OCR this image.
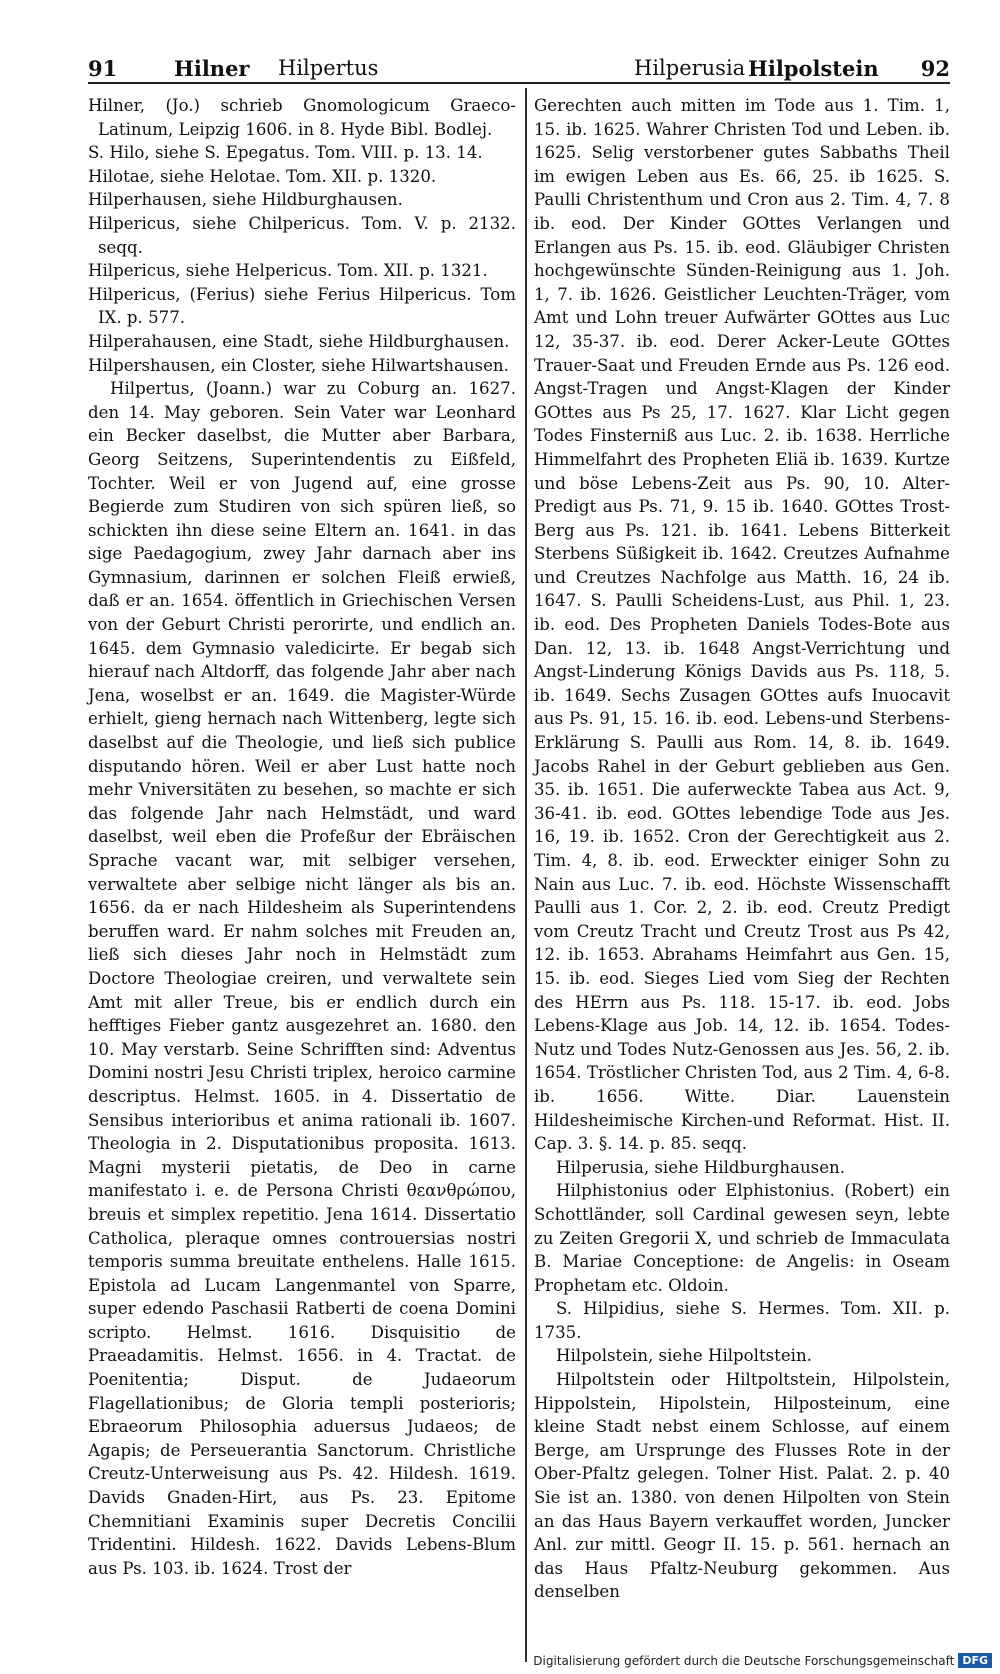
91	Hilner Hilpertus	Hilperusia Hilpolstein 92

Hilner, (Jo.) schrieb Gnomologicum Graeco-Latinum, Leipzig 1606. in 8. Hyde Bibl. Bodlej.

S. Hilo, siehe S. Epegatus. Tom. VIII. p. 13. 14.

Hilotae, siehe Helotae. Tom. XII. p. 1320.

Hilperhausen, siehe Hildburghausen.

Hilpericus, siehe Chilpericus. Tom. V. p. 2132. seqq.

Hilpericus, siehe Helpericus. Tom. XII. p. 1321.

Hilpericus, (Ferius) siehe Ferius Hilpericus. Tom IX. p. 577.

Hilperahausen, eine Stadt, siehe Hildburghausen.

Hilpershausen, ein Closter, siehe Hilwartshausen.

Hilpertus, (Joann.) war zu Coburg an. 1627. den 14. May geboren. Sein Vater war Leonhard ein Becker daselbst, die Mutter aber Barbara, Georg Seitzens, Superintendentis zu Eißfeld, Tochter. Weil er von Jugend auf, eine grosse Begierde zum Studiren von sich spüren ließ, so schickten ihn diese seine Eltern an. 1641. in das sige Paedagogium, zwey Jahr darnach aber ins Gymnasium, darinnen er solchen Fleiß erwieß, daß er an. 1654. öffentlich in Griechischen Versen von der Geburt Christi perorirte, und endlich an. 1645. dem Gymnasio valedicirte. Er begab sich hierauf nach Altdorff, das folgende Jahr aber nach Jena, woselbst er an. 1649. die Magister-Würde erhielt, gieng hernach nach Wittenberg, legte sich daselbst auf die Theologie, und ließ sich publice disputando hören. Weil er aber Lust hatte noch mehr Vniversitäten zu besehen, so machte er sich das folgende Jahr nach Helmstädt, und ward daselbst, weil eben die Profeßur der Ebräischen Sprache vacant war, mit selbiger versehen, verwaltete aber selbige nicht länger als bis an. 1656. da er nach Hildesheim als Superintendens beruffen ward. Er nahm solches mit Freuden an, ließ sich dieses Jahr noch in Helmstädt zum Doctore Theologiae creiren, und verwaltete sein Amt mit aller Treue, bis er endlich durch ein hefftiges Fieber gantz ausgezehret an. 1680. den 10. May verstarb. Seine Schrifften sind: Adventus Domini nostri Jesu Christi triplex, heroico carmine descriptus. Helmst. 1605. in 4. Dissertatio de Sensibus interioribus et anima rationali ib. 1607. Theologia in 2. Disputationibus proposita. 1613. Magni mysterii pietatis, de Deo in carne manifestato i. e. de Persona Christi θεανθρώπου, breuis et simplex repetitio. Jena 1614. Dissertatio Catholica, pleraque omnes controuersias nostri temporis summa breuitate enthelens. Halle 1615. Epistola ad Lucam Langenmantel von Sparre, super edendo Paschasii Ratberti de coena Domini scripto. Helmst. 1616. Disquisitio de Praeadamitis. Helmst. 1656. in 4. Tractat. de Poenitentia; Disput. de Judaeorum Flagellationibus; de Gloria templi posterioris; Ebraeorum Philosophia aduersus Judaeos; de Agapis; de Perseuerantia Sanctorum. Christliche Creutz-Unterweisung aus Ps. 42. Hildesh. 1619. Davids Gnaden-Hirt, aus Ps. 23. Epitome Chemnitiani Examinis super Decretis Concilii Tridentini. Hildesh. 1622. Davids Lebens-Blum aus Ps. 103. ib. 1624. Trost der

Gerechten auch mitten im Tode aus 1. Tim. 1, 15. ib. 1625. Wahrer Christen Tod und Leben. ib. 1625. Selig verstorbener gutes Sabbaths Theil im ewigen Leben aus Es. 66, 25. ib 1625. S. Paulli Christenthum und Cron aus 2. Tim. 4, 7. 8 ib. eod. Der Kinder GOttes Verlangen und Erlangen aus Ps. 15. ib. eod. Gläubiger Christen hochgewünschte Sünden-Reinigung aus 1. Joh. 1, 7. ib. 1626. Geistlicher Leuchten-Träger, vom Amt und Lohn treuer Aufwärter GOttes aus Luc 12, 35-37. ib. eod. Derer Acker-Leute GOttes Trauer-Saat und Freuden Ernde aus Ps. 126 eod. Angst-Tragen und Angst-Klagen der Kinder GOttes aus Ps 25, 17. 1627. Klar Licht gegen Todes Finsterniß aus Luc. 2. ib. 1638. Herrliche Himmelfahrt des Propheten Eliä ib. 1639. Kurtze und böse Lebens-Zeit aus Ps. 90, 10. Alter-Predigt aus Ps. 71, 9. 15 ib. 1640. GOttes Trost-Berg aus Ps. 121. ib. 1641. Lebens Bitterkeit Sterbens Süßigkeit ib. 1642. Creutzes Aufnahme und Creutzes Nachfolge aus Matth. 16, 24 ib. 1647. S. Paulli Scheidens-Lust, aus Phil. 1, 23. ib. eod. Des Propheten Daniels Todes-Bote aus Dan. 12, 13. ib. 1648 Angst-Verrichtung und Angst-Linderung Königs Davids aus Ps. 118, 5. ib. 1649. Sechs Zusagen GOttes aufs Inuocavit aus Ps. 91, 15. 16. ib. eod. Lebens-und Sterbens-Erklärung S. Paulli aus Rom. 14, 8. ib. 1649. Jacobs Rahel in der Geburt geblieben aus Gen. 35. ib. 1651. Die auferweckte Tabea aus Act. 9, 36-41. ib. eod. GOttes lebendige Tode aus Jes. 16, 19. ib. 1652. Cron der Gerechtigkeit aus 2. Tim. 4, 8. ib. eod. Erweckter einiger Sohn zu Nain aus Luc. 7. ib. eod. Höchste Wissenschafft Paulli aus 1. Cor. 2, 2. ib. eod. Creutz Predigt vom Creutz Tracht und Creutz Trost aus Ps 42, 12. ib. 1653. Abrahams Heimfahrt aus Gen. 15, 15. ib. eod. Sieges Lied vom Sieg der Rechten des HErrn aus Ps. 118. 15-17. ib. eod. Jobs Lebens-Klage aus Job. 14, 12. ib. 1654. Todes-Nutz und Todes Nutz-Genossen aus Jes. 56, 2. ib. 1654. Tröstlicher Christen Tod, aus 2 Tim. 4, 6-8. ib. 1656. Witte. Diar. Lauenstein Hildesheimische Kirchen-und Reformat. Hist. II. Cap. 3. §. 14. p. 85. seqq.

Hilperusia, siehe Hildburghausen.

Hilphistonius oder Elphistonius. (Robert) ein Schottländer, soll Cardinal gewesen seyn, lebte zu Zeiten Gregorii X, und schrieb de Immaculata B. Mariae Conceptione: de Angelis: in Oseam Prophetam etc. Oldoin.

S. Hilpidius, siehe S. Hermes. Tom. XII. p. 1735.

Hilpolstein, siehe Hilpoltstein.

Hilpoltstein oder Hiltpoltstein, Hilpolstein, Hippolstein, Hipolstein, Hilposteinum, eine kleine Stadt nebst einem Schlosse, auf einem Berge, am Ursprunge des Flusses Rote in der Ober-Pfaltz gelegen. Tolner Hist. Palat. 2. p. 40 Sie ist an. 1380. von denen Hilpolten von Stein an das Haus Bayern verkauffet worden, Juncker Anl. zur mittl. Geogr II. 15. p. 561. hernach an das Haus Pfaltz-Neuburg gekommen. Aus denselben

Digitalisierung gefördert durch die Deutsche Forschungsgemeinschaft DFG
